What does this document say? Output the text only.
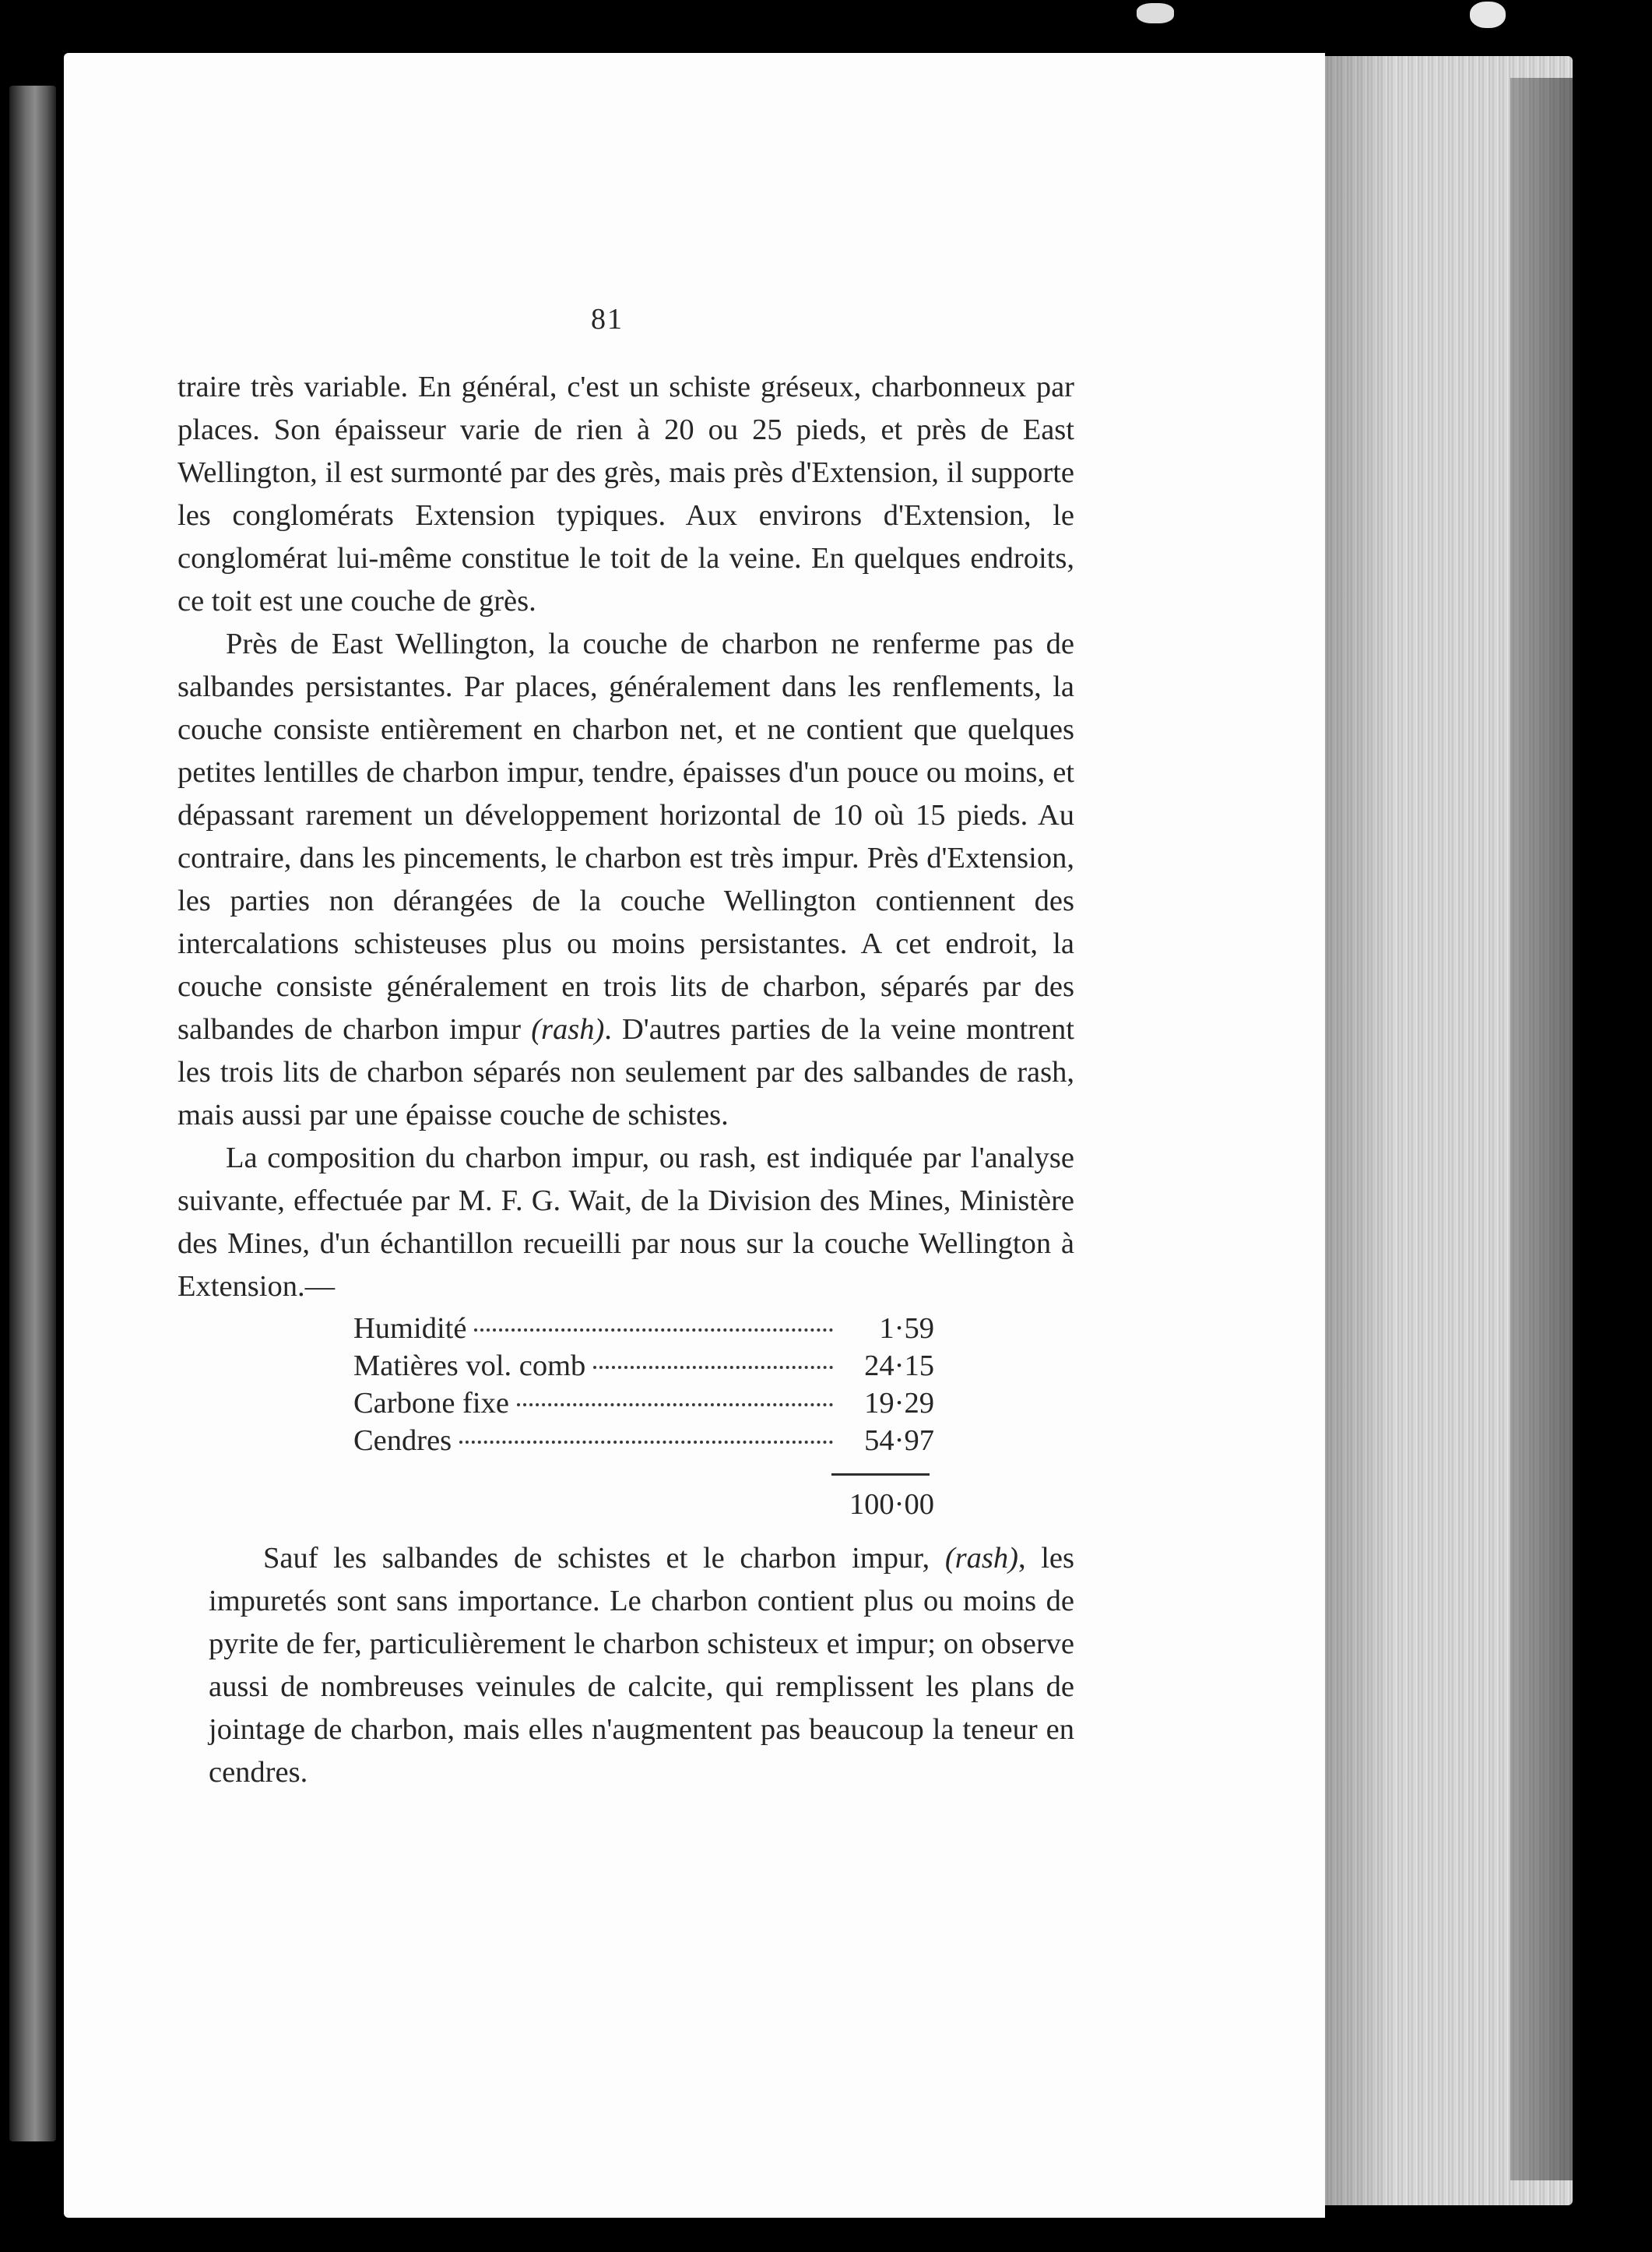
81

traire très variable. En général, c'est un schiste gréseux, charbonneux par places. Son épaisseur varie de rien à 20 ou 25 pieds, et près de East Wellington, il est surmonté par des grès, mais près d'Extension, il supporte les conglomérats Extension typiques. Aux environs d'Extension, le conglomérat lui-même constitue le toit de la veine. En quelques endroits, ce toit est une couche de grès.

Près de East Wellington, la couche de charbon ne renferme pas de salbandes persistantes. Par places, généralement dans les renflements, la couche consiste entièrement en charbon net, et ne contient que quelques petites lentilles de charbon impur, tendre, épaisses d'un pouce ou moins, et dépassant rarement un développement horizontal de 10 où 15 pieds. Au contraire, dans les pincements, le charbon est très impur. Près d'Extension, les parties non dérangées de la couche Wellington contiennent des intercalations schisteuses plus ou moins persistantes. A cet endroit, la couche consiste généralement en trois lits de charbon, séparés par des salbandes de charbon impur (rash). D'autres parties de la veine montrent les trois lits de charbon séparés non seulement par des salbandes de rash, mais aussi par une épaisse couche de schistes.

La composition du charbon impur, ou rash, est indiquée par l'analyse suivante, effectuée par M. F. G. Wait, de la Division des Mines, Ministère des Mines, d'un échantillon recueilli par nous sur la couche Wellington à Extension.—

Humidité	1·59
Matières vol. comb	24·15
Carbone fixe	19·29
Cendres	54·97
100·00

Sauf les salbandes de schistes et le charbon impur, (rash), les impuretés sont sans importance. Le charbon contient plus ou moins de pyrite de fer, particulièrement le charbon schisteux et impur; on observe aussi de nombreuses veinules de calcite, qui remplissent les plans de jointage de charbon, mais elles n'augmentent pas beaucoup la teneur en cendres.
